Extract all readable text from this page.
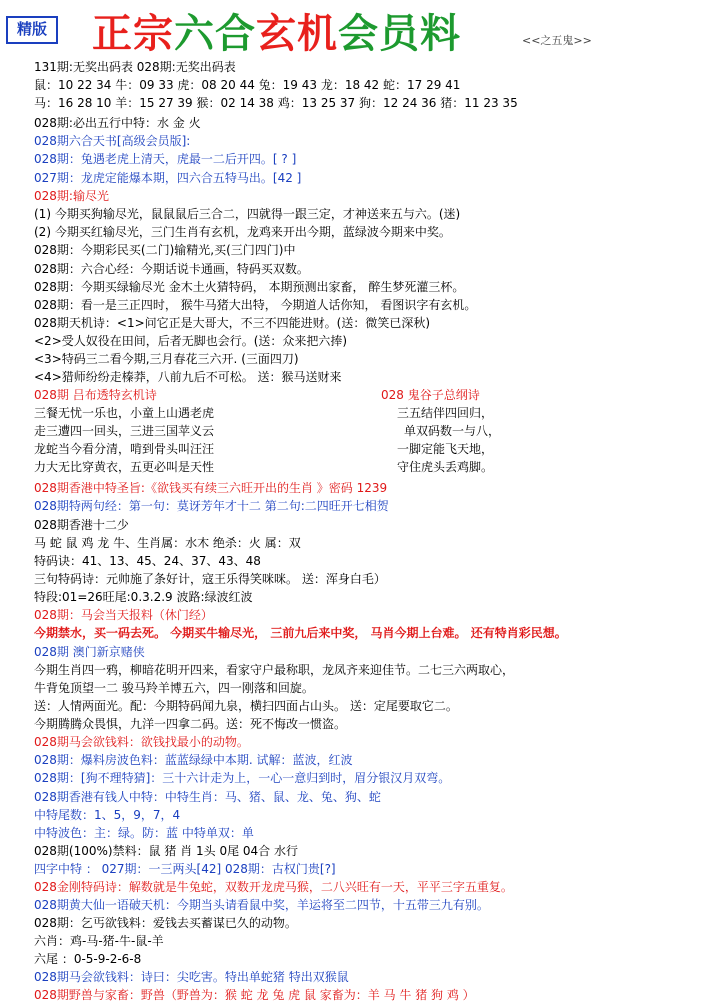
精版 正宗六合玄机会员料	<<之五鬼>>
131期:无奖出码表 028期:无奖出码表
鼠：10 22 34 牛：09 33 虎：08 20 44 兔：19 43 龙：18 42 蛇：17 29 41
马：16 28 10 羊：15 27 39 猴：02 14 38 鸡：13 25 37 狗：12 24 36 猪：11 23 35
028期:必出五行中特：水 金 火
028期六合天书[高级会员版]:
028期：兔遇老虎上清天，虎最一二后开四。[ ? ]
027期：龙虎定能爆本期，四六合五特马出。[42 ]
028期:输尽光
(1) 今期买狗输尽光，鼠鼠鼠后三合二，四就得一跟三定，才神送来五与六。(迷)
(2) 今期买红输尽光，三门生肖有玄机，龙鸡来开出今期，蓝绿波今期来中奖。
028期：今期彩民买(二门)输精光,买(三门四门)中
028期：六合心经：今期话说卡通画，特码买双数。
028期：今期买绿输尽光 金木土火猜特码， 本期预测出家畜， 醉生梦死灌三杯。
028期：看一是三正四时， 猴牛马猪大出特， 今期道人话你知， 看图识字有玄机。
028期天机诗：<1>问它正是大哥大，不三不四能进财。(送：微笑已深秋)
<2>受人奴役在田间，后者无脚也会行。(送：众来把六捧)
<3>特码三二看今期,三月春花三六开. (三面四刀)
<4>猎师纷纷走榛莽，八前九后不可松。 送：猴马送财来
028期香港中特圣旨:《欲钱买有续三六旺开出的生肖 》密码 1239
028期特两句经：第一句：莫讶芳年才十二 第二句:二四旺开七相贺
028期香港十二少
马 蛇 鼠 鸡 龙 牛、生肖属：水木 绝杀：火 属：双
特码诀：41、13、45、24、37、43、48
三句特码诗：元帅施了条好计，寇王乐得笑咪咪。 送：浑身白毛）
特段:01=26旺尾:0.3.2.9 波路:绿波红波
028期：马会当天报料（休门经）
今期禁水，买一码去死。 今期买牛输尽光， 三前九后来中奖， 马肖今期上台难。 还有特肖彩民想。
028期 澳门新京赌侠
今期生肖四一鸦，柳暗花明开四来，看家守户最称职，龙凤齐来迎佳节。二七三六两取心，
牛背兔顶望一二 骏马羚羊博五六，四一刚落和回旋。
送：人情两面光。配：今期特码闻九泉，横扫四面占山头。 送：定尾要取它二。
今期腾腾众畏惧，九洋一四拿二码。送：死不悔改一惯盗。
028期马会欲钱料：欲钱找最小的动物。
028期：爆料房波色料：蓝蓝绿绿中本期. 试解：蓝波，红波
028期：[狗不理特猜]：三十六计走为上，一心一意归到时，眉分银汉月双弯。
028期香港有钱人中特：中特生肖：马、猪、鼠、龙、兔、狗、蛇
中特尾数：1、5，9，7，4
中特波色：主：绿。防：蓝 中特单双：单
028期(100%)禁料：鼠 猪 肖 1头 0尾 04合 水行
四字中特 ： 027期：一三两头[42] 028期：古权门贵[?]
028金刚特码诗：解数就是牛兔蛇，双数开龙虎马猴，二八兴旺有一天，平平三字五重复。
028期黄大仙一语破天机：今期当头请看鼠中奖，羊运将至二四节，十五带三九有别。
028期：乞丐欲钱料：爱钱去买蓄谋已久的动物。
六肖：鸡-马-猪-牛-鼠-羊
六尾 ：0-5-9-2-6-8
028期马会欲钱料：诗曰：尖吃害。特出单蛇猪 特出双猴鼠
028期野兽与家畜：野兽（野兽为：猴 蛇 龙 兔 虎 鼠 家畜为：羊 马 牛 猪 狗 鸡 ）
028期 吕布透特玄机诗	028 鬼谷子总纲诗
三餐无忧一乐也，小童上山遇老虎
走三遭四一回头，三进三国苹义云
龙蛇当今看分清，啃到骨头叫汪汪
力大无比穿黄衣，五更必叫是天性
三五结伴四回归，
单双码数一与八，
一脚定能飞天地，
守住虎头丢鸡脚。
